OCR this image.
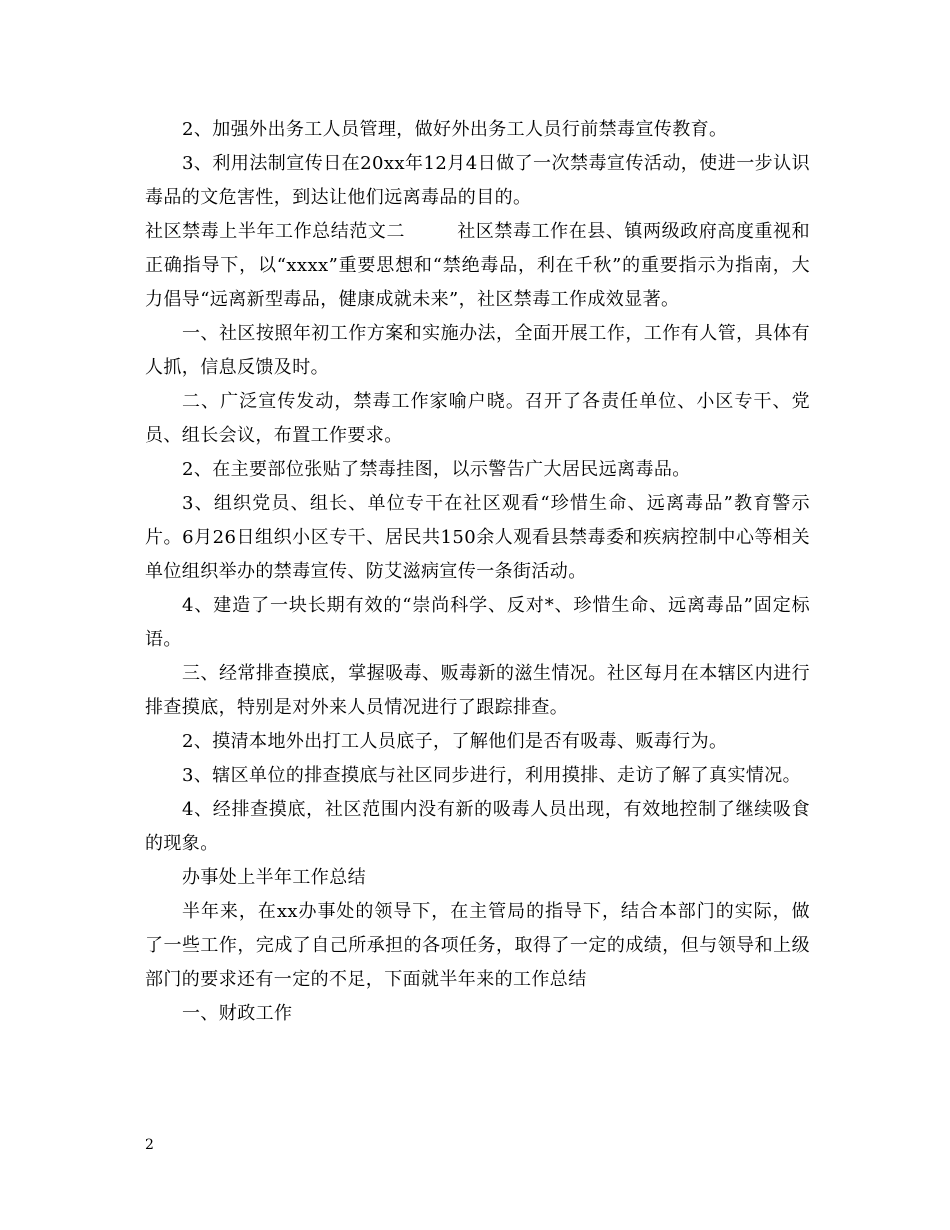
2、加强外出务工人员管理，做好外出务工人员行前禁毒宣传教育。

3、利用法制宣传日在20xx年12月4日做了一次禁毒宣传活动，使进一步认识毒品的文危害性，到达让他们远离毒品的目的。

社区禁毒上半年工作总结范文二	社区禁毒工作在县、镇两级政府高度重视和正确指导下，以“xxxx”重要思想和“禁绝毒品，利在千秋”的重要指示为指南，大力倡导“远离新型毒品，健康成就未来”，社区禁毒工作成效显著。

一、社区按照年初工作方案和实施办法，全面开展工作，工作有人管，具体有人抓，信息反馈及时。

二、广泛宣传发动，禁毒工作家喻户晓。召开了各责任单位、小区专干、党员、组长会议，布置工作要求。

2、在主要部位张贴了禁毒挂图，以示警告广大居民远离毒品。

3、组织党员、组长、单位专干在社区观看“珍惜生命、远离毒品”教育警示片。6月26日组织小区专干、居民共150余人观看县禁毒委和疾病控制中心等相关单位组织举办的禁毒宣传、防艾滋病宣传一条街活动。

4、建造了一块长期有效的“崇尚科学、反对*、珍惜生命、远离毒品”固定标语。

三、经常排查摸底，掌握吸毒、贩毒新的滋生情况。社区每月在本辖区内进行排查摸底，特别是对外来人员情况进行了跟踪排查。

2、摸清本地外出打工人员底子，了解他们是否有吸毒、贩毒行为。

3、辖区单位的排查摸底与社区同步进行，利用摸排、走访了解了真实情况。

4、经排查摸底，社区范围内没有新的吸毒人员出现，有效地控制了继续吸食的现象。

办事处上半年工作总结

半年来，在xx办事处的领导下，在主管局的指导下，结合本部门的实际，做了一些工作，完成了自己所承担的各项任务，取得了一定的成绩，但与领导和上级部门的要求还有一定的不足，下面就半年来的工作总结

一、财政工作

2
